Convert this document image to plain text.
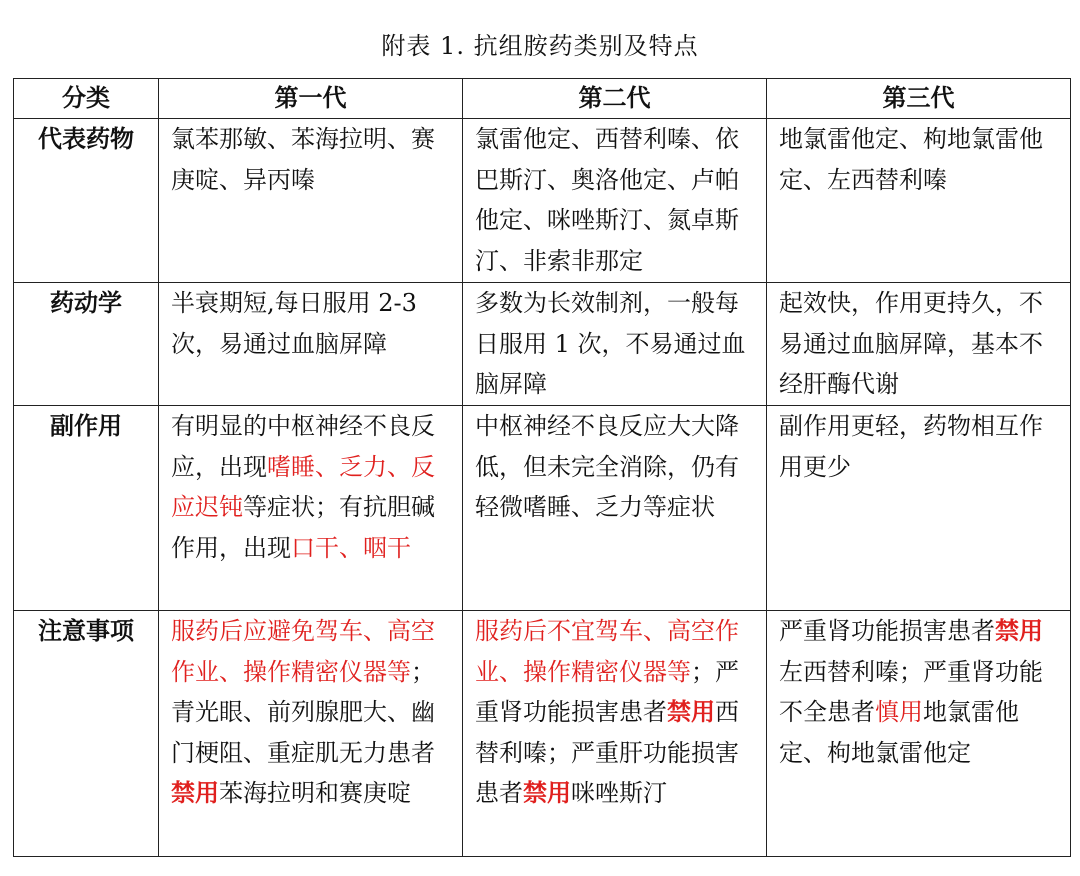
附表 1. 抗组胺药类别及特点
分类	第一代	第二代	第三代
代表药物	氯苯那敏、苯海拉明、赛庚啶、异丙嗪	氯雷他定、西替利嗪、依巴斯汀、奥洛他定、卢帕他定、咪唑斯汀、氮卓斯汀、非索非那定	地氯雷他定、枸地氯雷他定、左西替利嗪
药动学	半衰期短,每日服用 2-3 次，易通过血脑屏障	多数为长效制剂，一般每日服用 1 次，不易通过血脑屏障	起效快，作用更持久，不易通过血脑屏障，基本不经肝酶代谢
副作用	有明显的中枢神经不良反应，出现嗜睡、乏力、反应迟钝等症状；有抗胆碱作用，出现口干、咽干	中枢神经不良反应大大降低，但未完全消除，仍有轻微嗜睡、乏力等症状	副作用更轻，药物相互作用更少
注意事项	服药后应避免驾车、高空作业、操作精密仪器等；青光眼、前列腺肥大、幽门梗阻、重症肌无力患者禁用苯海拉明和赛庚啶	服药后不宜驾车、高空作业、操作精密仪器等；严重肾功能损害患者禁用西替利嗪；严重肝功能损害患者禁用咪唑斯汀	严重肾功能损害患者禁用左西替利嗪；严重肾功能不全患者慎用地氯雷他定、枸地氯雷他定
